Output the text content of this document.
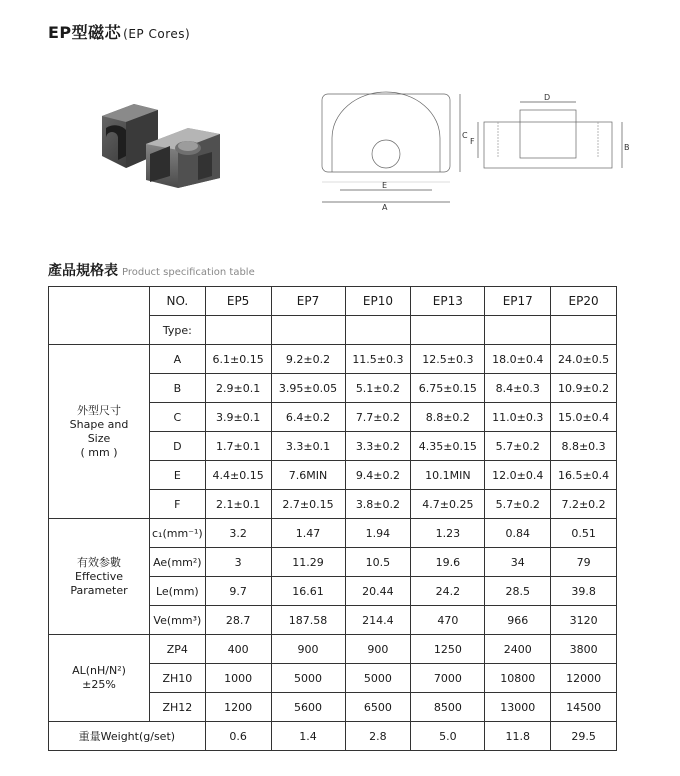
EP型磁芯 (EP Cores)
C
E
A
D
F
B
產品規格表 Product specification table
	NO.	EP5	EP7	EP10	EP13	EP17	EP20
	Type:						

外型尺寸
Shape and
Size
( mm )	A	6.1±0.15	9.2±0.2	11.5±0.3	12.5±0.3	18.0±0.4	24.0±0.5
	B	2.9±0.1	3.95±0.05	5.1±0.2	6.75±0.15	8.4±0.3	10.9±0.2
	C	3.9±0.1	6.4±0.2	7.7±0.2	8.8±0.2	11.0±0.3	15.0±0.4
	D	1.7±0.1	3.3±0.1	3.3±0.2	4.35±0.15	5.7±0.2	8.8±0.3
	E	4.4±0.15	7.6MIN	9.4±0.2	10.1MIN	12.0±0.4	16.5±0.4
	F	2.1±0.1	2.7±0.15	3.8±0.2	4.7±0.25	5.7±0.2	7.2±0.2

有效参數
Effective
Parameter	c₁(mm⁻¹)	3.2	1.47	1.94	1.23	0.84	0.51
	Ae(mm²)	3	11.29	10.5	19.6	34	79
	Le(mm)	9.7	16.61	20.44	24.2	28.5	39.8
	Ve(mm³)	28.7	187.58	214.4	470	966	3120

AL(nH/N²)
±25%	ZP4	400	900	900	1250	2400	3800
	ZH10	1000	5000	5000	7000	10800	12000
	ZH12	1200	5600	6500	8500	13000	14500
重量Weight(g/set)		0.6	1.4	2.8	5.0	11.8	29.5
